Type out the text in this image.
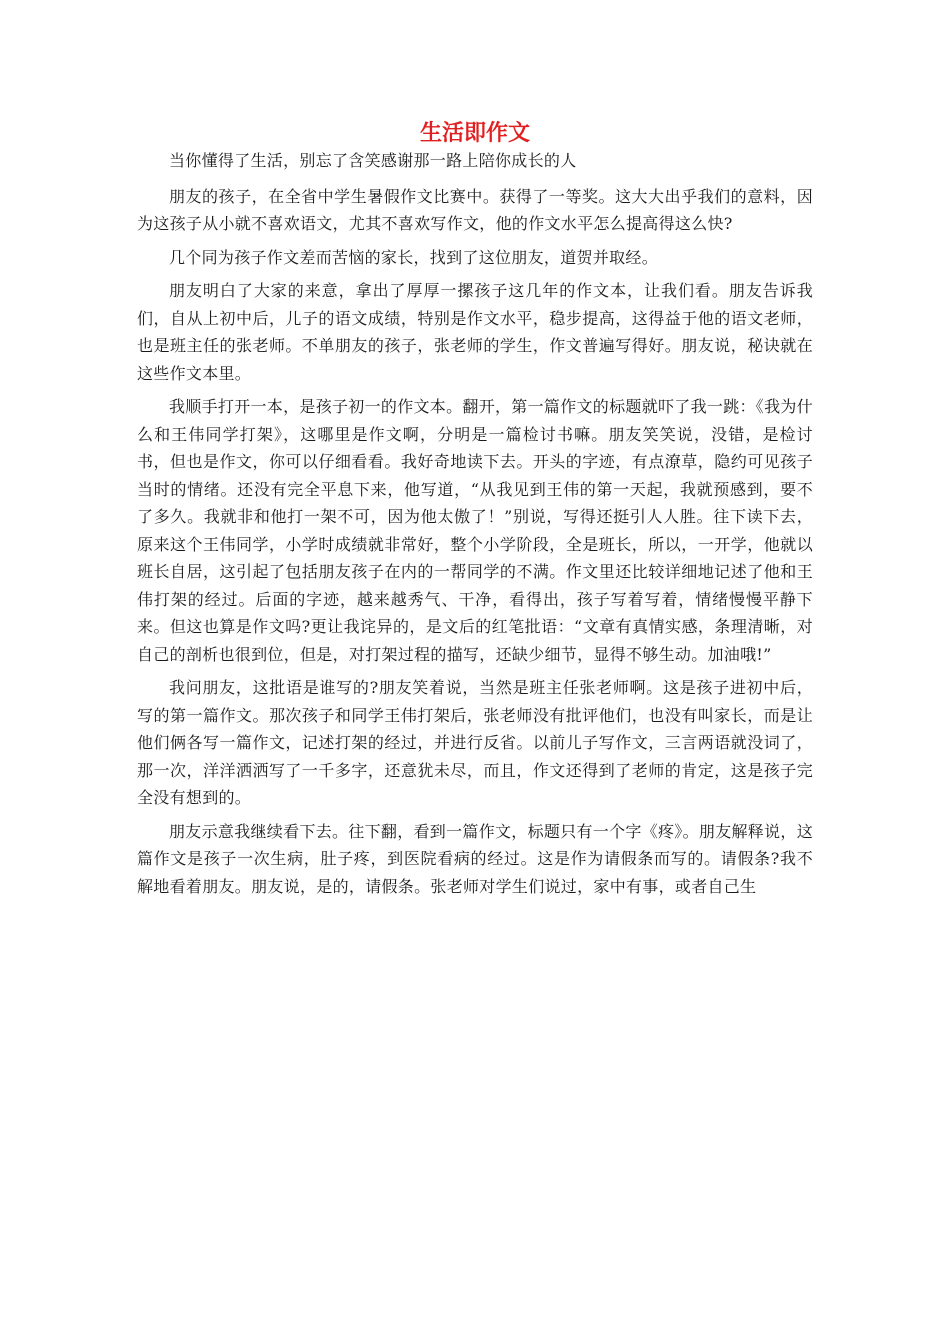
生活即作文

当你懂得了生活，别忘了含笑感谢那一路上陪你成长的人

朋友的孩子，在全省中学生暑假作文比赛中。获得了一等奖。这大大出乎我们的意料，因为这孩子从小就不喜欢语文，尤其不喜欢写作文，他的作文水平怎么提高得这么快?

几个同为孩子作文差而苦恼的家长，找到了这位朋友，道贺并取经。

朋友明白了大家的来意，拿出了厚厚一摞孩子这几年的作文本，让我们看。朋友告诉我们，自从上初中后，儿子的语文成绩，特别是作文水平，稳步提高，这得益于他的语文老师，也是班主任的张老师。不单朋友的孩子，张老师的学生，作文普遍写得好。朋友说，秘诀就在这些作文本里。

我顺手打开一本，是孩子初一的作文本。翻开，第一篇作文的标题就吓了我一跳：《我为什么和王伟同学打架》，这哪里是作文啊，分明是一篇检讨书嘛。朋友笑笑说，没错，是检讨书，但也是作文，你可以仔细看看。我好奇地读下去。开头的字迹，有点潦草，隐约可见孩子当时的情绪。还没有完全平息下来，他写道，“从我见到王伟的第一天起，我就预感到，要不了多久。我就非和他打一架不可，因为他太傲了！”别说，写得还挺引人人胜。往下读下去，原来这个王伟同学，小学时成绩就非常好，整个小学阶段，全是班长，所以，一开学，他就以班长自居，这引起了包括朋友孩子在内的一帮同学的不满。作文里还比较详细地记述了他和王伟打架的经过。后面的字迹，越来越秀气、干净，看得出，孩子写着写着，情绪慢慢平静下来。但这也算是作文吗?更让我诧异的，是文后的红笔批语：“文章有真情实感，条理清晰，对自己的剖析也很到位，但是，对打架过程的描写，还缺少细节，显得不够生动。加油哦!”

我问朋友，这批语是谁写的?朋友笑着说，当然是班主任张老师啊。这是孩子进初中后，写的第一篇作文。那次孩子和同学王伟打架后，张老师没有批评他们，也没有叫家长，而是让他们俩各写一篇作文，记述打架的经过，并进行反省。以前儿子写作文，三言两语就没词了，那一次，洋洋洒洒写了一千多字，还意犹未尽，而且，作文还得到了老师的肯定，这是孩子完全没有想到的。

朋友示意我继续看下去。往下翻，看到一篇作文，标题只有一个字《疼》。朋友解释说，这篇作文是孩子一次生病，肚子疼，到医院看病的经过。这是作为请假条而写的。请假条?我不解地看着朋友。朋友说，是的，请假条。张老师对学生们说过，家中有事，或者自己生
